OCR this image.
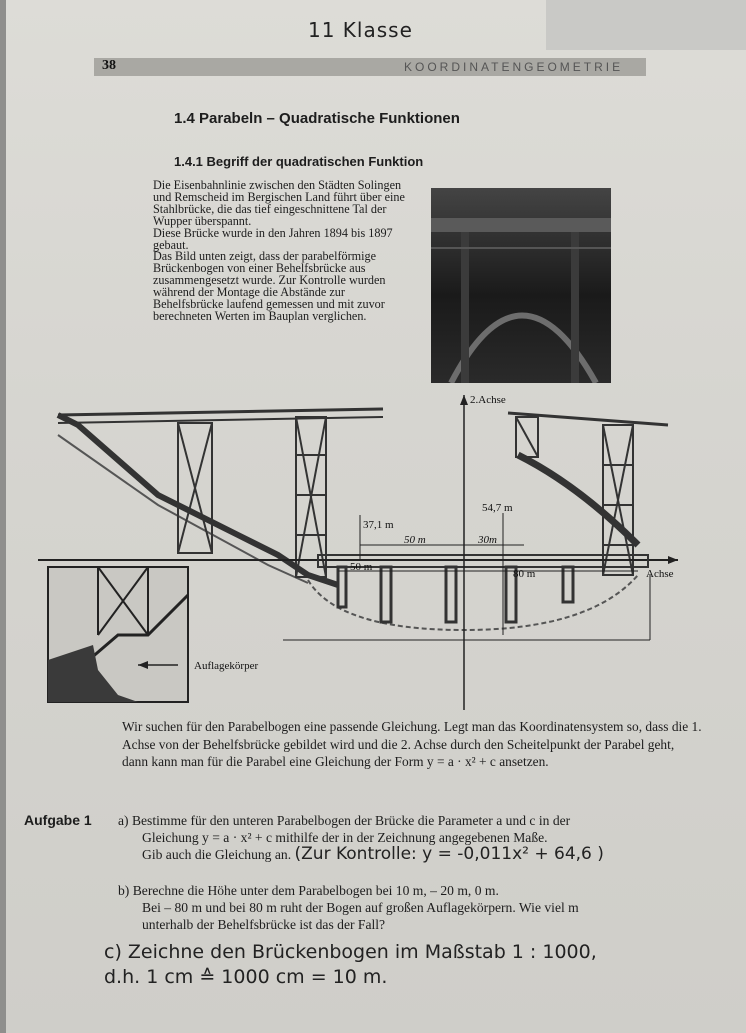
11 Klasse
38	KOORDINATENGEOMETRIE
1.4 Parabeln – Quadratische Funktionen
1.4.1 Begriff der quadratischen Funktion

Die Eisenbahnlinie zwischen den Städten Solingen und Remscheid im Bergischen Land führt über eine Stahlbrücke, die das tief eingeschnittene Tal der Wupper überspannt.

Diese Brücke wurde in den Jahren 1894 bis 1897 gebaut.

Das Bild unten zeigt, dass der parabelförmige Brückenbogen von einer Behelfsbrücke aus zusammengesetzt wurde. Zur Kontrolle wurden während der Montage die Abstände zur Behelfsbrücke laufend gemessen und mit zuvor berechneten Werten im Bauplan verglichen.

2.Achse
Achse
54,7 m
37,1 m
50 m	30m
50 m
80 m
Auflagekörper
Wir suchen für den Parabelbogen eine passende Gleichung. Legt man das Koordinatensystem so, dass die 1. Achse von der Behelfsbrücke gebildet wird und die 2. Achse durch den Scheitelpunkt der Parabel geht, dann kann man für die Parabel eine Gleichung der Form y = a · x² + c ansetzen.
Aufgabe 1 a) Bestimme für den unteren Parabelbogen der Brücke die Parameter a und c in der
Gleichung y = a · x² + c mithilfe der in der Zeichnung angegebenen Maße.
Gib auch die Gleichung an. (Zur Kontrolle: y = -0,011x² + 64,6 )
b) Berechne die Höhe unter dem Parabelbogen bei 10 m, – 20 m, 0 m.
Bei – 80 m und bei 80 m ruht der Bogen auf großen Auflagekörpern. Wie viel m
unterhalb der Behelfsbrücke ist das der Fall?
c) Zeichne den Brückenbogen im Maßstab 1 : 1000,
d.h. 1 cm ≙ 1000 cm = 10 m.
